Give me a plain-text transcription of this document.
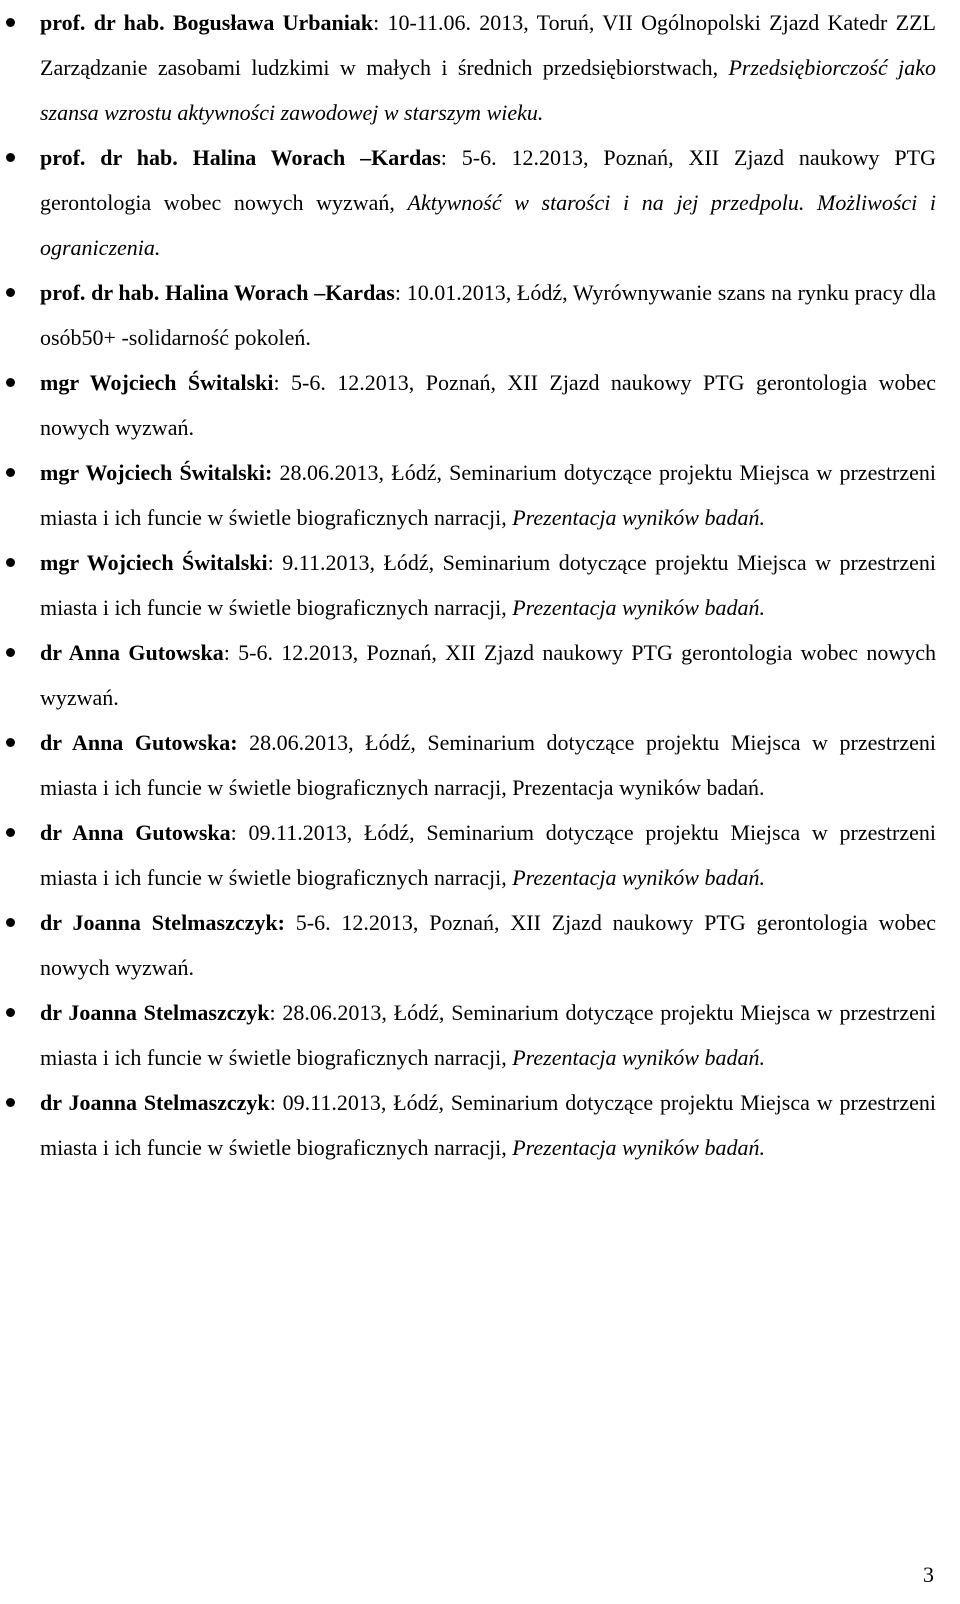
prof. dr hab. Bogusława Urbaniak: 10-11.06. 2013, Toruń, VII Ogólnopolski Zjazd Katedr ZZL Zarządzanie zasobami ludzkimi w małych i średnich przedsiębiorstwach, Przedsiębiorczość jako szansa wzrostu aktywności zawodowej w starszym wieku.
prof. dr hab. Halina Worach –Kardas: 5-6. 12.2013, Poznań, XII Zjazd naukowy PTG gerontologia wobec nowych wyzwań, Aktywność w starości i na jej przedpolu. Możliwości i ograniczenia.
prof. dr hab. Halina Worach –Kardas: 10.01.2013, Łódź, Wyrównywanie szans na rynku pracy dla osób50+ -solidarność pokoleń.
mgr Wojciech Świtalski: 5-6. 12.2013, Poznań, XII Zjazd naukowy PTG gerontologia wobec nowych wyzwań.
mgr Wojciech Świtalski: 28.06.2013, Łódź, Seminarium dotyczące projektu Miejsca w przestrzeni miasta i ich funcie w świetle biograficznych narracji, Prezentacja wyników badań.
mgr Wojciech Świtalski: 9.11.2013, Łódź, Seminarium dotyczące projektu Miejsca w przestrzeni miasta i ich funcie w świetle biograficznych narracji, Prezentacja wyników badań.
dr Anna Gutowska: 5-6. 12.2013, Poznań, XII Zjazd naukowy PTG gerontologia wobec nowych wyzwań.
dr Anna Gutowska: 28.06.2013, Łódź, Seminarium dotyczące projektu Miejsca w przestrzeni miasta i ich funcie w świetle biograficznych narracji, Prezentacja wyników badań.
dr Anna Gutowska: 09.11.2013, Łódź, Seminarium dotyczące projektu Miejsca w przestrzeni miasta i ich funcie w świetle biograficznych narracji, Prezentacja wyników badań.
dr Joanna Stelmaszczyk: 5-6. 12.2013, Poznań, XII Zjazd naukowy PTG gerontologia wobec nowych wyzwań.
dr Joanna Stelmaszczyk: 28.06.2013, Łódź, Seminarium dotyczące projektu Miejsca w przestrzeni miasta i ich funcie w świetle biograficznych narracji, Prezentacja wyników badań.
dr Joanna Stelmaszczyk: 09.11.2013, Łódź, Seminarium dotyczące projektu Miejsca w przestrzeni miasta i ich funcie w świetle biograficznych narracji, Prezentacja wyników badań.
3
